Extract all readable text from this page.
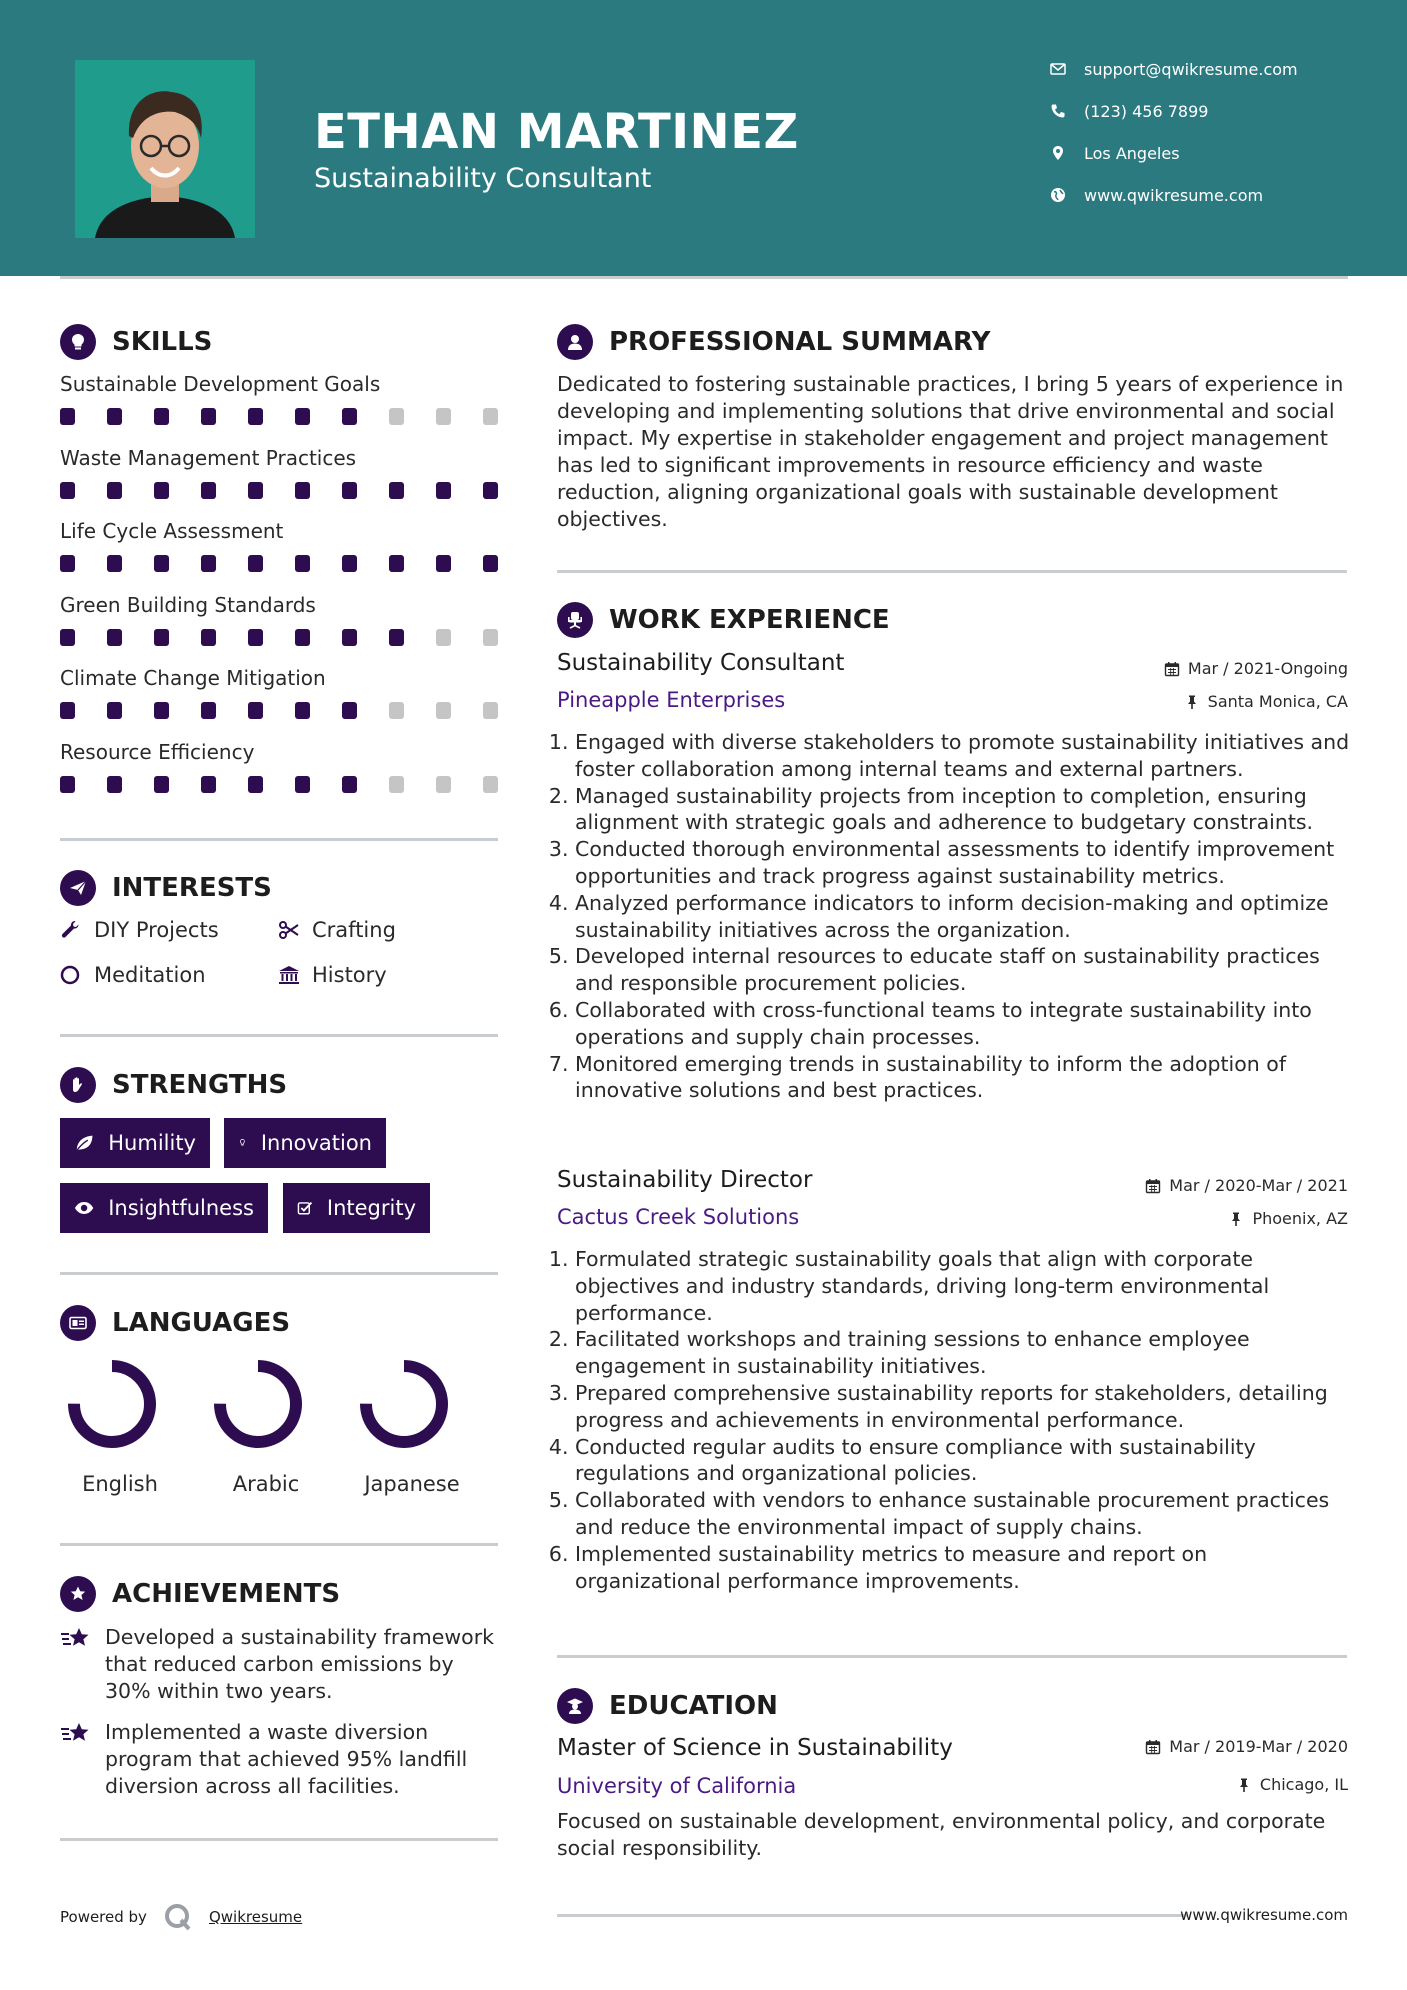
ETHAN MARTINEZ
Sustainability Consultant
support@qwikresume.com
(123) 456 7899
Los Angeles
www.qwikresume.com
SKILLS
Sustainable Development Goals
Waste Management Practices
Life Cycle Assessment
Green Building Standards
Climate Change Mitigation
Resource Efficiency
INTERESTS
DIY Projects	Crafting
Meditation	History
STRENGTHS
Humility	Innovation
Insightfulness	Integrity
LANGUAGES
English	Arabic	Japanese
ACHIEVEMENTS
Developed a sustainability framework that reduced carbon emissions by 30% within two years.
Implemented a waste diversion program that achieved 95% landfill diversion across all facilities.
PROFESSIONAL SUMMARY
Dedicated to fostering sustainable practices, I bring 5 years of experience in developing and implementing solutions that drive environmental and social impact. My expertise in stakeholder engagement and project management has led to significant improvements in resource efficiency and waste reduction, aligning organizational goals with sustainable development objectives.
WORK EXPERIENCE
Sustainability Consultant	Mar / 2021-Ongoing
Pineapple Enterprises	Santa Monica, CA
1. Engaged with diverse stakeholders to promote sustainability initiatives and foster collaboration among internal teams and external partners.
2. Managed sustainability projects from inception to completion, ensuring alignment with strategic goals and adherence to budgetary constraints.
3. Conducted thorough environmental assessments to identify improvement opportunities and track progress against sustainability metrics.
4. Analyzed performance indicators to inform decision-making and optimize sustainability initiatives across the organization.
5. Developed internal resources to educate staff on sustainability practices and responsible procurement policies.
6. Collaborated with cross-functional teams to integrate sustainability into operations and supply chain processes.
7. Monitored emerging trends in sustainability to inform the adoption of innovative solutions and best practices.
Sustainability Director	Mar / 2020-Mar / 2021
Cactus Creek Solutions	Phoenix, AZ
1. Formulated strategic sustainability goals that align with corporate objectives and industry standards, driving long-term environmental performance.
2. Facilitated workshops and training sessions to enhance employee engagement in sustainability initiatives.
3. Prepared comprehensive sustainability reports for stakeholders, detailing progress and achievements in environmental performance.
4. Conducted regular audits to ensure compliance with sustainability regulations and organizational policies.
5. Collaborated with vendors to enhance sustainable procurement practices and reduce the environmental impact of supply chains.
6. Implemented sustainability metrics to measure and report on organizational performance improvements.
EDUCATION
Master of Science in Sustainability	Mar / 2019-Mar / 2020
University of California	Chicago, IL
Focused on sustainable development, environmental policy, and corporate social responsibility.
Powered by	Qwikresume	www.qwikresume.com
